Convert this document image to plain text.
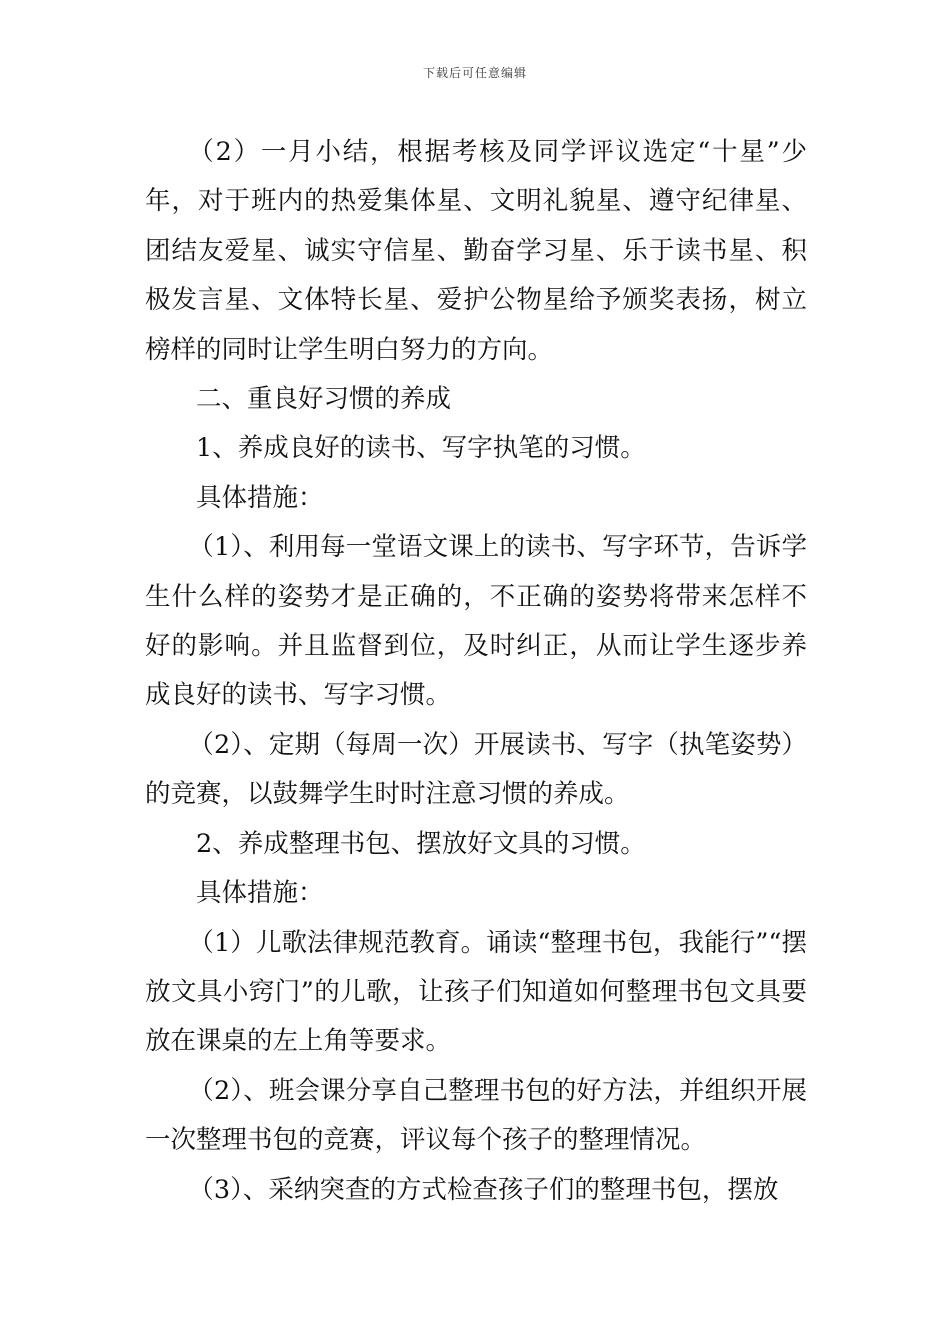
下载后可任意编辑

（2）一月小结，根据考核及同学评议选定“十星”少年，对于班内的热爱集体星、文明礼貌星、遵守纪律星、团结友爱星、诚实守信星、勤奋学习星、乐于读书星、积极发言星、文体特长星、爱护公物星给予颁奖表扬，树立榜样的同时让学生明白努力的方向。

二、重良好习惯的养成

1、养成良好的读书、写字执笔的习惯。

具体措施：

（1）、利用每一堂语文课上的读书、写字环节，告诉学生什么样的姿势才是正确的，不正确的姿势将带来怎样不好的影响。并且监督到位，及时纠正，从而让学生逐步养成良好的读书、写字习惯。

（2）、定期（每周一次）开展读书、写字（执笔姿势）的竞赛，以鼓舞学生时时注意习惯的养成。

2、养成整理书包、摆放好文具的习惯。

具体措施：

（1）儿歌法律规范教育。诵读“整理书包，我能行”“摆放文具小窍门”的儿歌，让孩子们知道如何整理书包文具要放在课桌的左上角等要求。

（2）、班会课分享自己整理书包的好方法，并组织开展一次整理书包的竞赛，评议每个孩子的整理情况。

（3）、采纳突查的方式检查孩子们的整理书包，摆放
